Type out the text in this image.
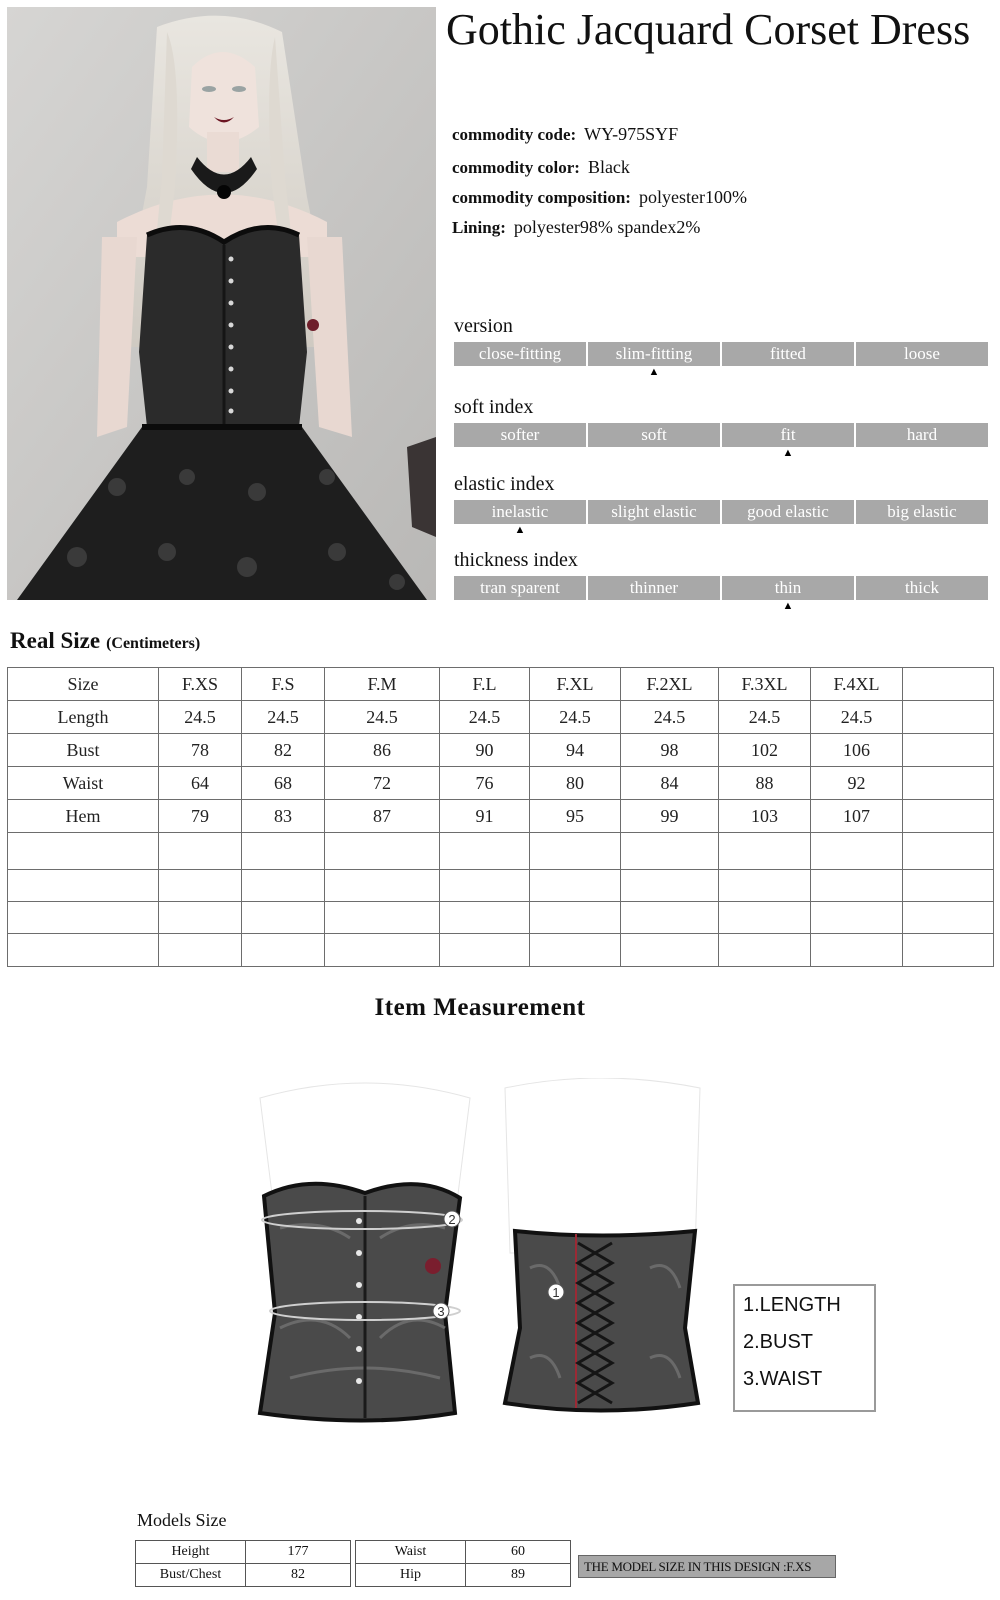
Gothic Jacquard Corset Dress
commodity code: WY-975SYF
commodity color: Black
commodity composition: polyester100%
Lining: polyester98% spandex2%
version
close-fitting	slim-fitting	fitted	loose
▲
soft index
softer	soft	fit	hard
▲
elastic index
inelastic	slight elastic	good elastic	big elastic
▲
thickness index
tran sparent	thinner	thin	thick
▲
Real Size (Centimeters)
Size	F.XS	F.S	F.M	F.L	F.XL	F.2XL	F.3XL	F.4XL	
Length	24.5	24.5	24.5	24.5	24.5	24.5	24.5	24.5	
Bust	78	82	86	90	94	98	102	106	
Waist	64	68	72	76	80	84	88	92	
Hem	79	83	87	91	95	99	103	107	

Item Measurement
2
3
1
1.LENGTH
2.BUST
3.WAIST
Models Size
Height	177
Bust/Chest	82
Waist	60
Hip	89
THE MODEL SIZE IN THIS DESIGN :F.XS
